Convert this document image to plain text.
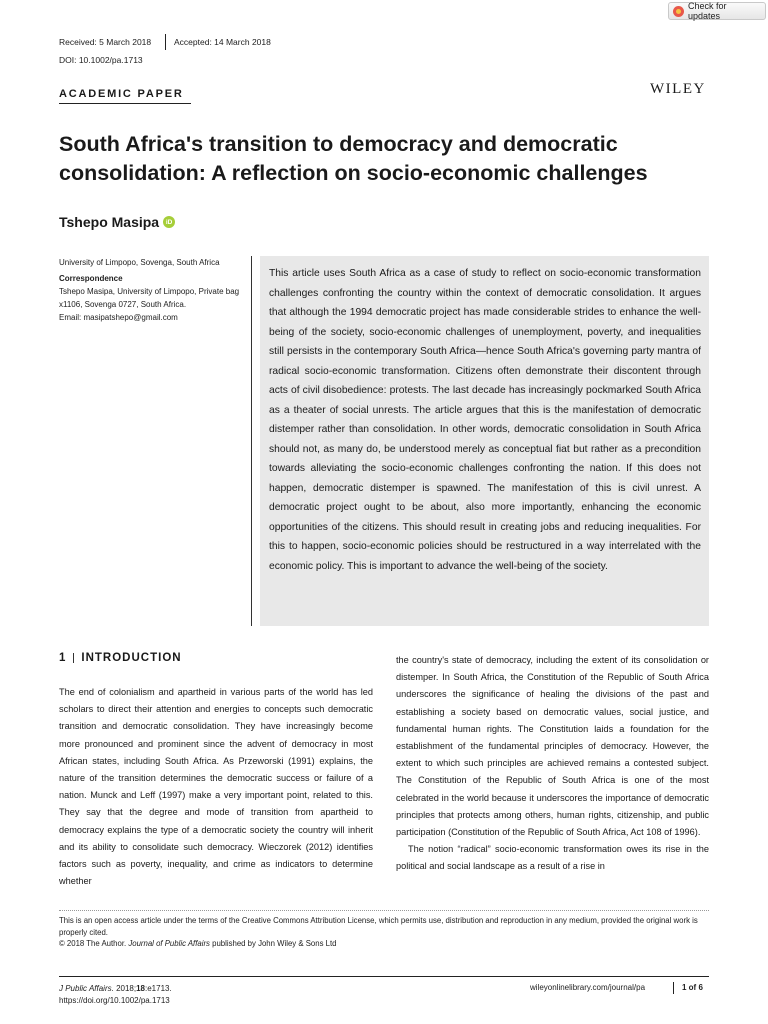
Check for updates
Received: 5 March 2018	Accepted: 14 March 2018
DOI: 10.1002/pa.1713
ACADEMIC PAPER	WILEY
South Africa's transition to democracy and democratic consolidation: A reflection on socio-economic challenges
Tshepo Masipa iD
University of Limpopo, Sovenga, South Africa
Correspondence
Tshepo Masipa, University of Limpopo, Private bag x1106, Sovenga 0727, South Africa.
Email: masipatshepo@gmail.com
This article uses South Africa as a case of study to reflect on socio-economic transformation challenges confronting the country within the context of democratic consolidation. It argues that although the 1994 democratic project has made considerable strides to enhance the well-being of the society, socio-economic challenges of unemployment, poverty, and inequalities still persists in the contemporary South Africa—hence South Africa's governing party mantra of radical socio-economic transformation. Citizens often demonstrate their discontent through acts of civil disobedience: protests. The last decade has increasingly pockmarked South Africa as a theater of social unrests. The article argues that this is the manifestation of democratic distemper rather than consolidation. In other words, democratic consolidation in South Africa should not, as many do, be understood merely as conceptual fiat but rather as a precondition towards alleviating the socio-economic challenges confronting the nation. If this does not happen, democratic distemper is spawned. The manifestation of this is civil unrest. A democratic project ought to be about, also more importantly, enhancing the economic opportunities of the citizens. This should result in creating jobs and reducing inequalities. For this to happen, socio-economic policies should be restructured in a way interrelated with the economic policy. This is important to advance the well-being of the society.
1 INTRODUCTION

The end of colonialism and apartheid in various parts of the world has led scholars to direct their attention and energies to concepts such democratic transition and democratic consolidation. They have increasingly become more pronounced and prominent since the advent of democracy in most African states, including South Africa. As Przeworski (1991) explains, the nature of the transition determines the democratic success or failure of a nation. Munck and Leff (1997) make a very important point, related to this. They say that the degree and mode of transition from apartheid to democracy explains the type of a democratic society the country will inherit and its ability to consolidate such democracy. Wieczorek (2012) identifies factors such as poverty, inequality, and crime as indicators to determine whether

the country's state of democracy, including the extent of its consolidation or distemper. In South Africa, the Constitution of the Republic of South Africa underscores the significance of healing the divisions of the past and establishing a society based on democratic values, social justice, and fundamental human rights. The Constitution laids a foundation for the establishment of the fundamental principles of democracy. However, the extent to which such principles are achieved remains a contested subject. The Constitution of the Republic of South Africa is one of the most celebrated in the world because it underscores the importance of democratic principles that protects among others, human rights, citizenship, and public participation (Constitution of the Republic of South Africa, Act 108 of 1996).

The notion “radical” socio-economic transformation owes its rise in the political and social landscape as a result of a rise in

This is an open access article under the terms of the Creative Commons Attribution License, which permits use, distribution and reproduction in any medium, provided the original work is properly cited.
© 2018 The Author. Journal of Public Affairs published by John Wiley & Sons Ltd
J Public Affairs. 2018;18:e1713.
https://doi.org/10.1002/pa.1713
wileyonlinelibrary.com/journal/pa	1 of 6
